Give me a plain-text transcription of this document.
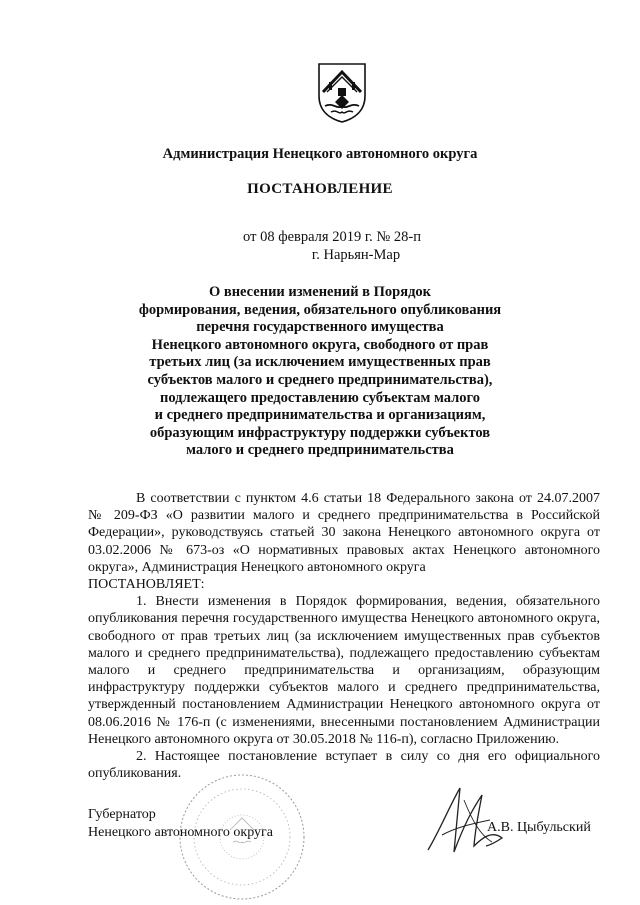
Администрация Ненецкого автономного округа
ПОСТАНОВЛЕНИЕ
от 08 февраля 2019 г. № 28-п
г. Нарьян-Мар
О внесении изменений в Порядок
формирования, ведения, обязательного опубликования
перечня государственного имущества
Ненецкого автономного округа, свободного от прав
третьих лиц (за исключением имущественных прав
субъектов малого и среднего предпринимательства),
подлежащего предоставлению субъектам малого
и среднего предпринимательства и организациям,
образующим инфраструктуру поддержки субъектов
малого и среднего предпринимательства

В соответствии с пунктом 4.6 статьи 18 Федерального закона от 24.07.2007 № 209-ФЗ «О развитии малого и среднего предпринимательства в Российской Федерации», руководствуясь статьей 30 закона Ненецкого автономного округа от 03.02.2006 № 673-оз «О нормативных правовых актах Ненецкого автономного округа», Администрация Ненецкого автономного округа

ПОСТАНОВЛЯЕТ:

1. Внести изменения в Порядок формирования, ведения, обязательного опубликования перечня государственного имущества Ненецкого автономного округа, свободного от прав третьих лиц (за исключением имущественных прав субъектов малого и среднего предпринимательства), подлежащего предоставлению субъектам малого и среднего предпринимательства и организациям, образующим инфраструктуру поддержки субъектов малого и среднего предпринимательства, утвержденный постановлением Администрации Ненецкого автономного округа от 08.06.2016 № 176-п (с изменениями, внесенными постановлением Администрации Ненецкого автономного округа от 30.05.2018 № 116-п), согласно Приложению.

2. Настоящее постановление вступает в силу со дня его официального опубликования.

Губернатор
Ненецкого автономного округа	А.В. Цыбульский
